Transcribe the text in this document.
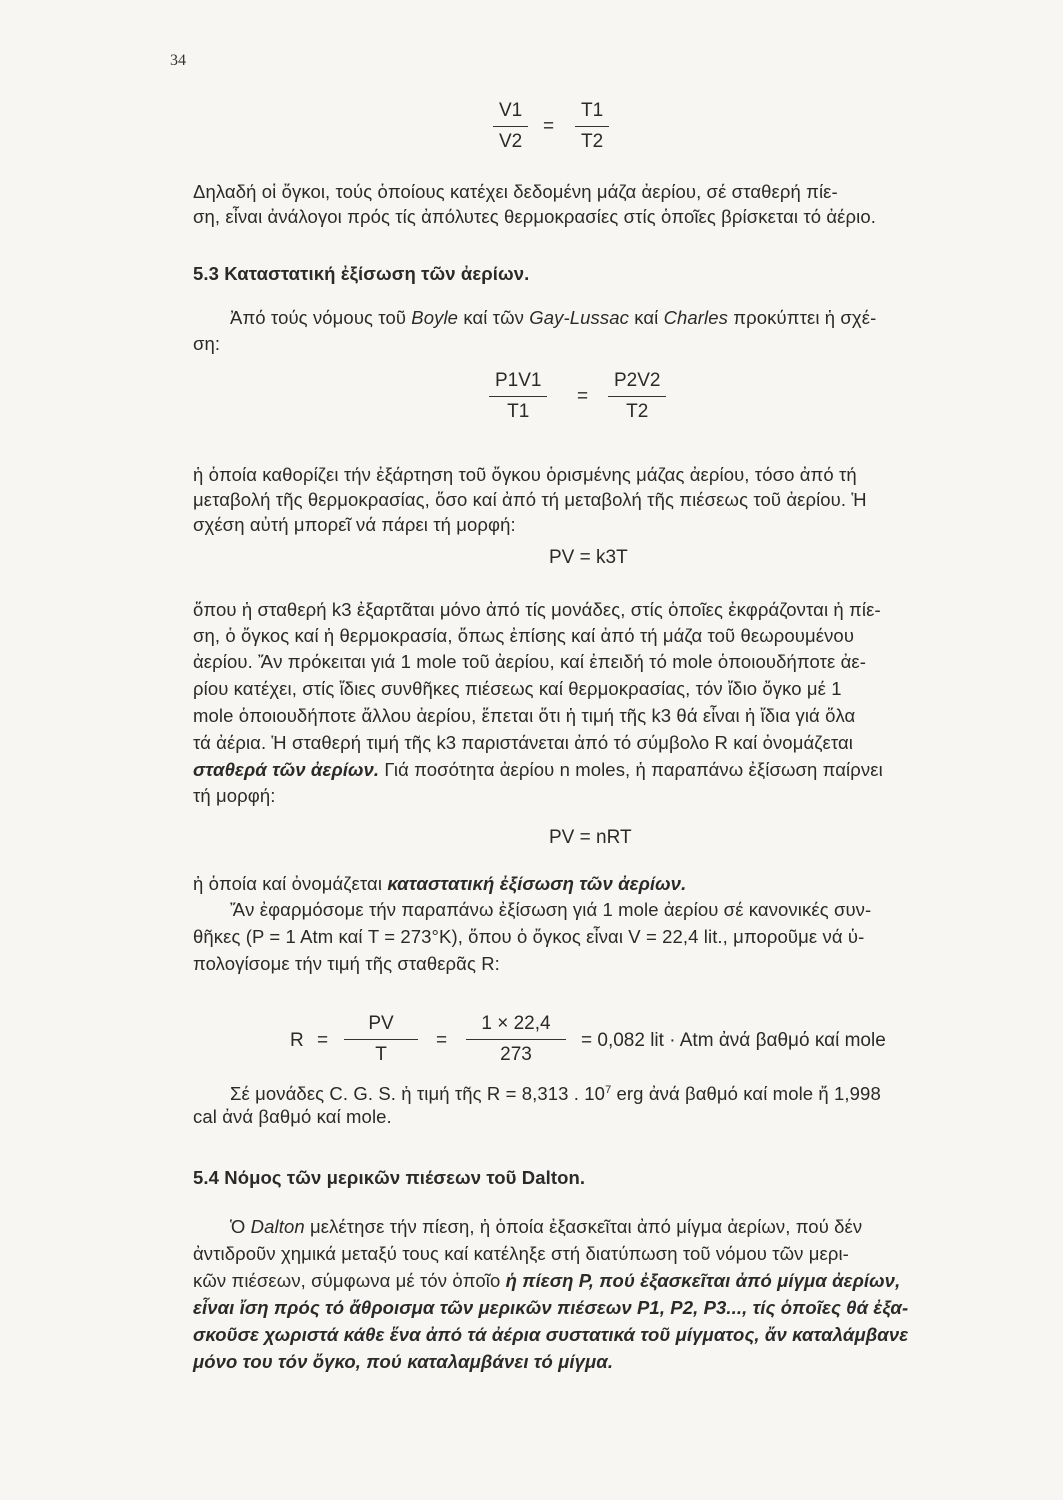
34
V1
V2
=
T1
T2
Δηλαδή οἱ ὄγκοι, τούς ὁποίους κατέχει δεδομένη μάζα ἀερίου, σέ σταθερή πίε-
ση, εἶναι ἀνάλογοι πρός τίς ἀπόλυτες θερμοκρασίες στίς ὁποῖες βρίσκεται τό ἀέριο.
5.3 Καταστατική ἐξίσωση τῶν ἀερίων.
Ἀπό τούς νόμους τοῦ Boyle καί τῶν Gay-Lussac καί Charles προκύπτει ἡ σχέ-
ση:
P1V1
T1
=
P2V2
T2
ἡ ὁποία καθορίζει τήν ἐξάρτηση τοῦ ὄγκου ὁρισμένης μάζας ἀερίου, τόσο ἀπό τή
μεταβολή τῆς θερμοκρασίας, ὅσο καί ἀπό τή μεταβολή τῆς πιέσεως τοῦ ἀερίου. Ἡ
σχέση αὐτή μπορεῖ νά πάρει τή μορφή:
PV = k3T
ὅπου ἡ σταθερή k3 ἐξαρτᾶται μόνο ἀπό τίς μονάδες, στίς ὁποῖες ἐκφράζονται ἡ πίε-
ση, ὁ ὄγκος καί ἡ θερμοκρασία, ὅπως ἐπίσης καί ἀπό τή μάζα τοῦ θεωρουμένου
ἀερίου. Ἄν πρόκειται γιά 1 mole τοῦ ἀερίου, καί ἐπειδή τό mole ὁποιουδήποτε ἀε-
ρίου κατέχει, στίς ἴδιες συνθῆκες πιέσεως καί θερμοκρασίας, τόν ἴδιο ὄγκο μέ 1
mole ὁποιουδήποτε ἄλλου ἀερίου, ἕπεται ὅτι ἡ τιμή τῆς k3 θά εἶναι ἡ ἴδια γιά ὅλα
τά ἀέρια. Ἡ σταθερή τιμή τῆς k3 παριστάνεται ἀπό τό σύμβολο R καί ὀνομάζεται
σταθερά τῶν ἀερίων. Γιά ποσότητα ἀερίου n moles, ἡ παραπάνω ἐξίσωση παίρνει
τή μορφή:
PV = nRT
ἡ ὁποία καί ὀνομάζεται καταστατική ἐξίσωση τῶν ἀερίων.
Ἄν ἐφαρμόσομε τήν παραπάνω ἐξίσωση γιά 1 mole ἀερίου σέ κανονικές συν-
θῆκες (P = 1 Atm καί T = 273°K), ὅπου ὁ ὄγκος εἶναι V = 22,4 lit., μποροῦμε νά ὑ-
πολογίσομε τήν τιμή τῆς σταθερᾶς R:
R =
PV
T
=
1 × 22,4
273
= 0,082 lit · Atm ἀνά βαθμό καί mole
Σέ μονάδες C. G. S. ἡ τιμή τῆς R = 8,313 . $10^7$ erg ἀνά βαθμό καί mole ἤ 1,998
cal ἀνά βαθμό καί mole.
5.4 Νόμος τῶν μερικῶν πιέσεων τοῦ Dalton.
Ὁ Dalton μελέτησε τήν πίεση, ἡ ὁποία ἐξασκεῖται ἀπό μίγμα ἀερίων, πού δέν
ἀντιδροῦν χημικά μεταξύ τους καί κατέληξε στή διατύπωση τοῦ νόμου τῶν μερι-
κῶν πιέσεων, σύμφωνα μέ τόν ὁποῖο ἡ πίεση P, πού ἐξασκεῖται ἀπό μίγμα ἀερίων,
εἶναι ἴση πρός τό ἄθροισμα τῶν μερικῶν πιέσεων P1, P2, P3..., τίς ὁποῖες θά ἐξα-
σκοῦσε χωριστά κάθε ἕνα ἀπό τά ἀέρια συστατικά τοῦ μίγματος, ἄν καταλάμβανε
μόνο του τόν ὄγκο, πού καταλαμβάνει τό μίγμα.
